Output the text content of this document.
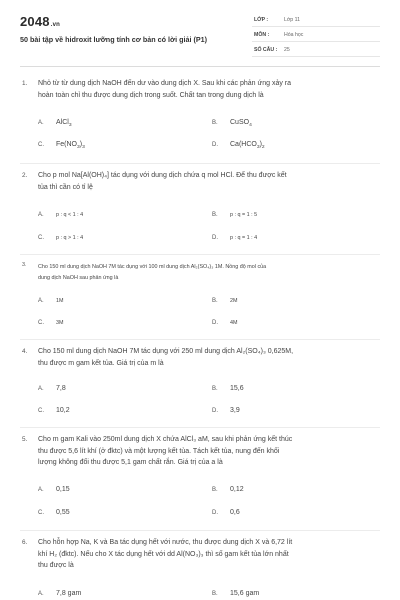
2048.vn
50 bài tập về hidroxit lưỡng tính cơ bản có lời giải (P1)
LỚP :	Lớp 11
MÔN :	Hóa học
SỐ CÂU : 25
1. Nhỏ từ từ dung dịch NaOH đến dư vào dung dịch X. Sau khi các phản ứng xảy ra
hoàn toàn chỉ thu được dung dịch trong suốt. Chất tan trong dung dịch là
A. AlCl$_3$	B. CuSO$_4$
C. $Fe(NO_3)_3$	D. $Ca(HCO_3)_2$
2. Cho p mol Na[Al(OH)₄] tác dụng với dung dịch chứa q mol HCl. Để thu được kết
tủa thì cần có tỉ lệ
A. p : q < 1 : 4	B. p : q = 1 : 5
C. p : q > 1 : 4	D. p : q = 1 : 4
3. Cho 150 ml dung dịch NaOH 7M tác dụng với 100 ml dung dịch Al₂(SO₄)₃ 1M. Nồng độ mol của
dung dịch NaOH sau phản ứng là
A. 1M	B. 2M
C. 3M	D. 4M
4. Cho 150 ml dung dịch NaOH 7M tác dụng với 250 ml dung dịch Al₂(SO₄)₃ 0,625M,
thu được m gam kết tủa. Giá trị của m là
A. 7,8	B. 15,6
C. 10,2	D. 3,9
5. Cho m gam Kali vào 250ml dung dịch X chứa AlCl₃ aM, sau khi phản ứng kết thúc
thu được 5,6 lít khí (ở đktc) và một lượng kết tủa. Tách kết tủa, nung đến khối
lượng không đổi thu được 5,1 gam chất rắn. Giá trị của a là
A. 0,15	B. 0,12
C. 0,55	D. 0,6
6. Cho hỗn hợp Na, K và Ba tác dụng hết với nước, thu được dung dịch X và 6,72 lít
khí H₂ (đktc). Nếu cho X tác dụng hết với dd Al(NO₃)₃ thì số gam kết tủa lớn nhất
thu được là
A. 7,8 gam	B. 15,6 gam
